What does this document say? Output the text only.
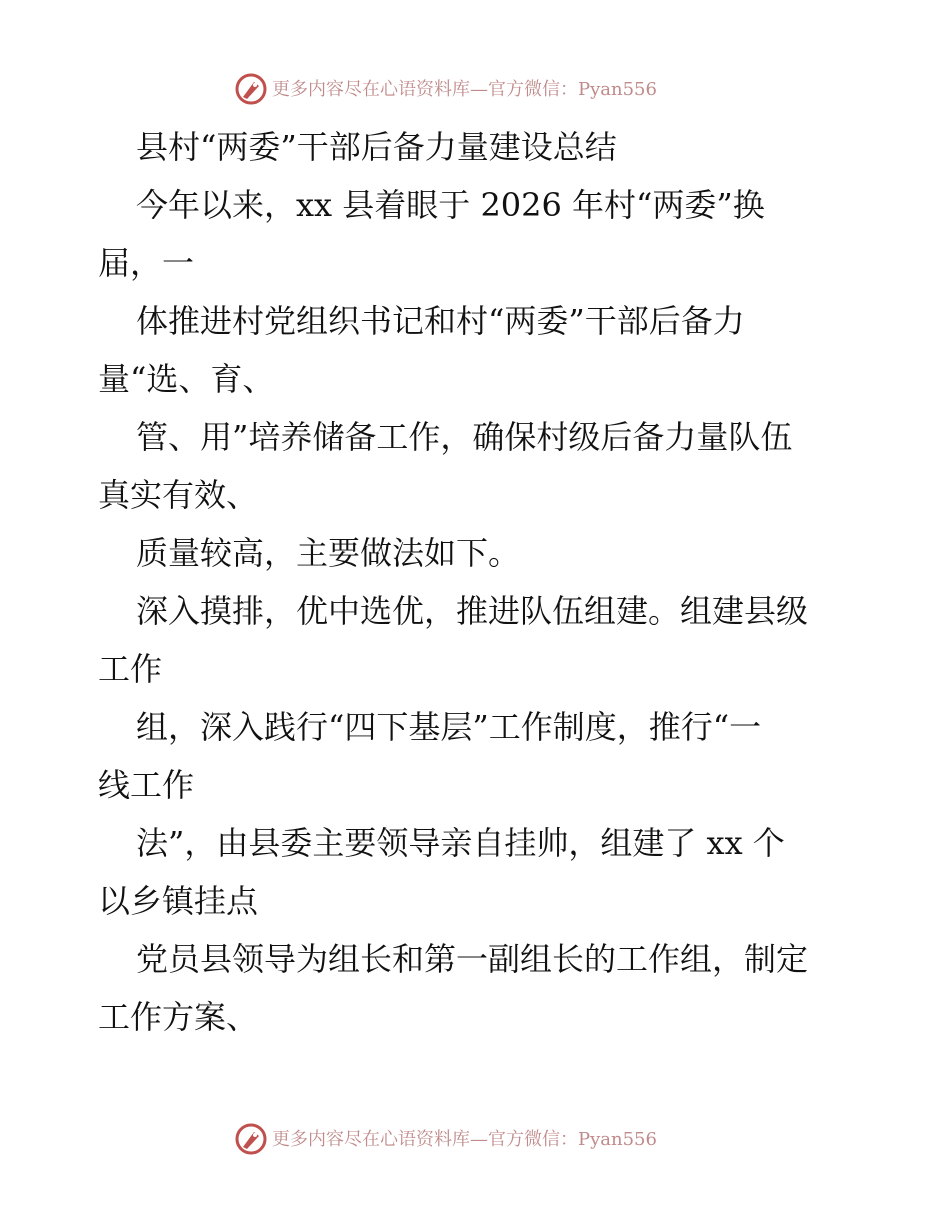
更多内容尽在心语资料库—官方微信：Pyan556
县村“两委”干部后备力量建设总结
今年以来，xx 县着眼于 2026 年村“两委”换
届，一
体推进村党组织书记和村“两委”干部后备力
量“选、育、
管、用”培养储备工作，确保村级后备力量队伍
真实有效、
质量较高，主要做法如下。
深入摸排，优中选优，推进队伍组建。组建县级
工作
组，深入践行“四下基层”工作制度，推行“一
线工作
法”，由县委主要领导亲自挂帅，组建了 xx 个
以乡镇挂点
党员县领导为组长和第一副组长的工作组，制定
工作方案、
更多内容尽在心语资料库—官方微信：Pyan556
